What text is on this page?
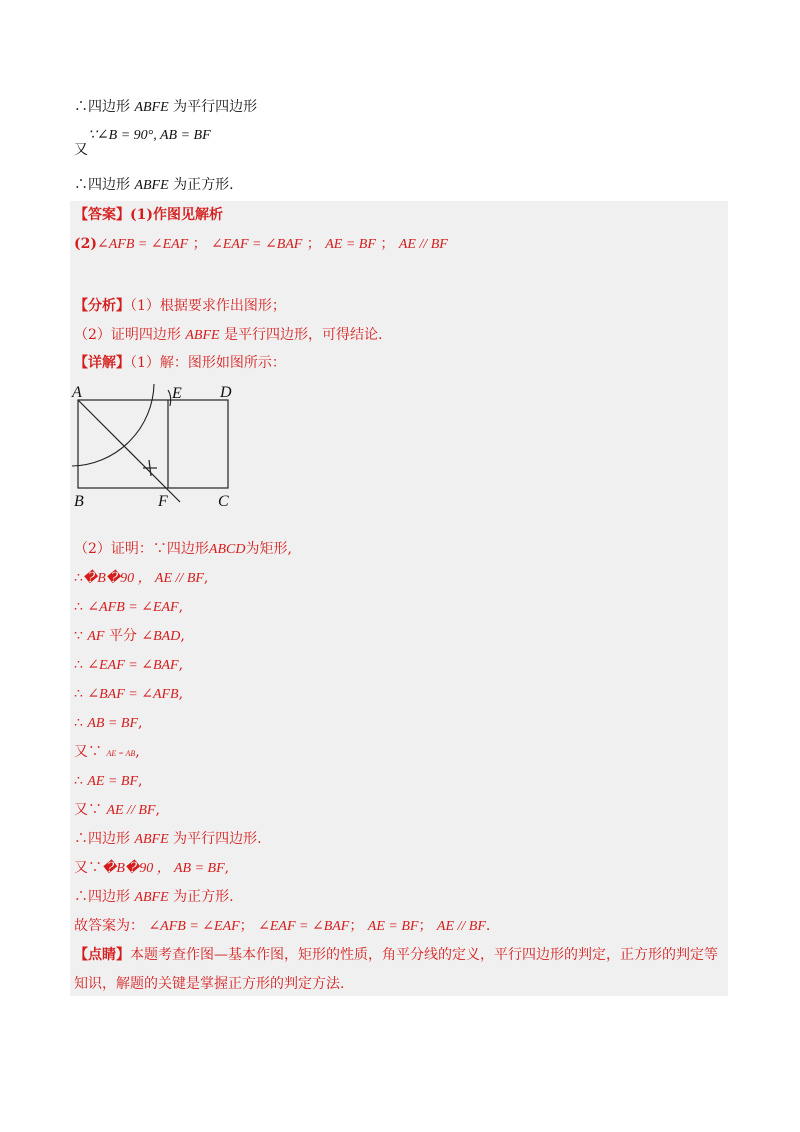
∴四边形 ABFE 为平行四边形
∵∠B = 90°, AB = BF
又
∴四边形 ABFE 为正方形.
【答案】(1)作图见解析
(2)∠AFB = ∠EAF ； ∠EAF = ∠BAF ； AE = BF ； AE // BF
【分析】（1）根据要求作出图形；
（2）证明四边形 ABFE 是平行四边形，可得结论.
【详解】（1）解：图形如图所示：
A	E D
B	F	C
（2）证明：∵四边形ABCD为矩形,
∴�B�90 ， AE // BF,
∴ ∠AFB = ∠EAF,
∵ AF 平分 ∠BAD,
∴ ∠EAF = ∠BAF,
∴ ∠BAF = ∠AFB,
∴ AB = BF,
又∵ AE = AB,
∴ AE = BF,
又∵ AE // BF,
∴四边形 ABFE 为平行四边形.
又∵�B�90 ， AB = BF,
∴四边形 ABFE 为正方形.
故答案为： ∠AFB = ∠EAF； ∠EAF = ∠BAF； AE = BF； AE // BF.
【点睛】本题考查作图—基本作图，矩形的性质，角平分线的定义，平行四边形的判定，正方形的判定等
知识，解题的关键是掌握正方形的判定方法.
